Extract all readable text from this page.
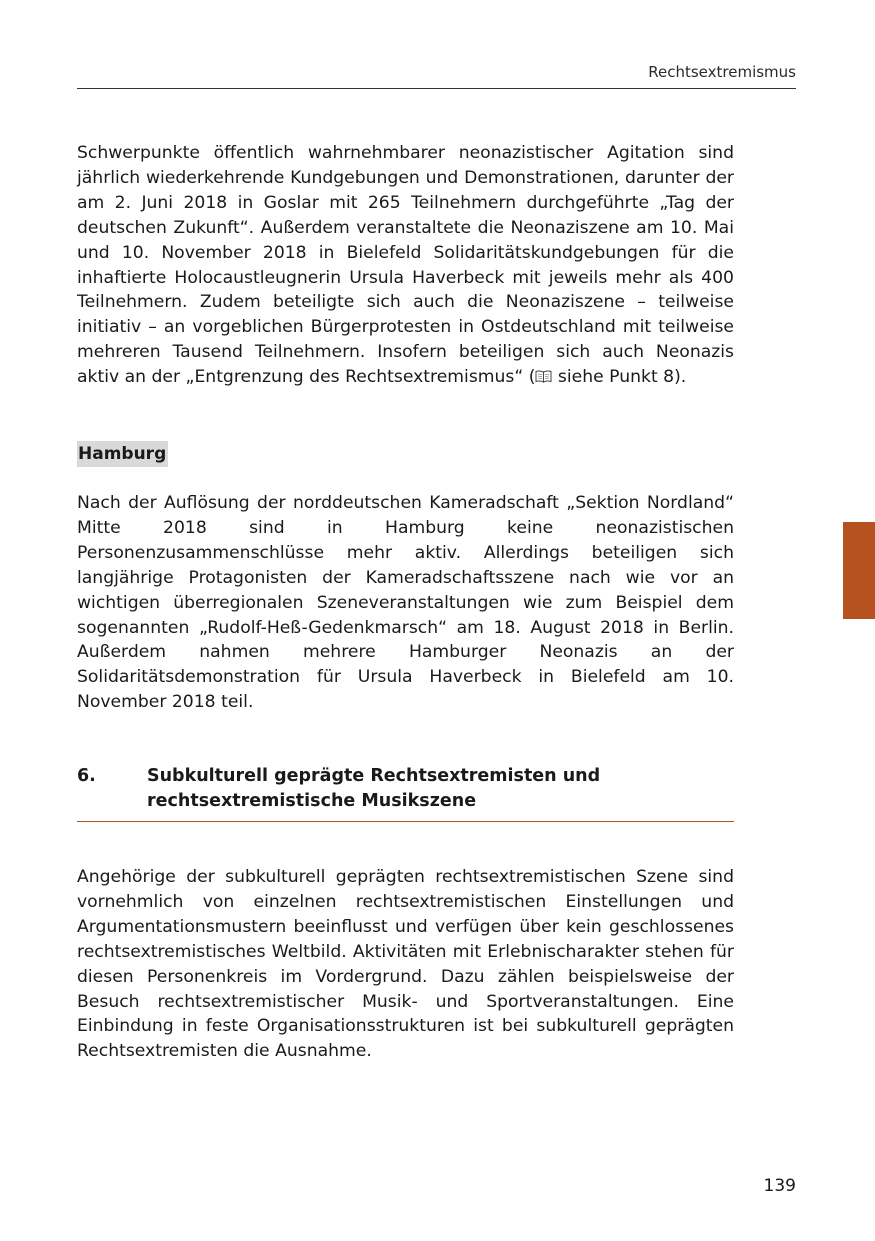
Rechtsextremismus

Schwerpunkte öffentlich wahrnehmbarer neonazistischer Agitation sind jährlich wiederkehrende Kundgebungen und Demonstrationen, darunter der am 2. Juni 2018 in Goslar mit 265 Teilnehmern durchgeführte „Tag der deutschen Zukunft“. Außerdem veranstaltete die Neonaziszene am 10. Mai und 10. November 2018 in Bielefeld Solidaritätskundgebungen für die inhaftierte Holocaustleugnerin Ursula Haverbeck mit jeweils mehr als 400 Teilnehmern. Zudem beteiligte sich auch die Neonaziszene – teilweise initiativ – an vorgeblichen Bürgerprotesten in Ostdeutschland mit teilweise mehreren Tausend Teilnehmern. Insofern beteiligen sich auch Neonazis aktiv an der „Entgrenzung des Rechtsextremismus“ ( siehe Punkt 8).

Hamburg

Nach der Auflösung der norddeutschen Kameradschaft „Sektion Nordland“ Mitte 2018 sind in Hamburg keine neonazistischen Personenzusammenschlüsse mehr aktiv. Allerdings beteiligen sich langjährige Protagonisten der Kameradschaftsszene nach wie vor an wichtigen überregionalen Szeneveranstaltungen wie zum Beispiel dem sogenannten „Rudolf-Heß-Gedenkmarsch“ am 18. August 2018 in Berlin. Außerdem nahmen mehrere Hamburger Neonazis an der Solidaritätsdemonstration für Ursula Haverbeck in Bielefeld am 10. November 2018 teil.

6.	Subkulturell geprägte Rechtsextremisten und
rechtsextremistische Musikszene

Angehörige der subkulturell geprägten rechtsextremistischen Szene sind vornehmlich von einzelnen rechtsextremistischen Einstellungen und Argumentationsmustern beeinflusst und verfügen über kein geschlossenes rechtsextremistisches Weltbild. Aktivitäten mit Erlebnischarakter stehen für diesen Personenkreis im Vordergrund. Dazu zählen beispielsweise der Besuch rechtsextremistischer Musik- und Sportveranstaltungen. Eine Einbindung in feste Organisationsstrukturen ist bei subkulturell geprägten Rechtsextremisten die Ausnahme.

139
